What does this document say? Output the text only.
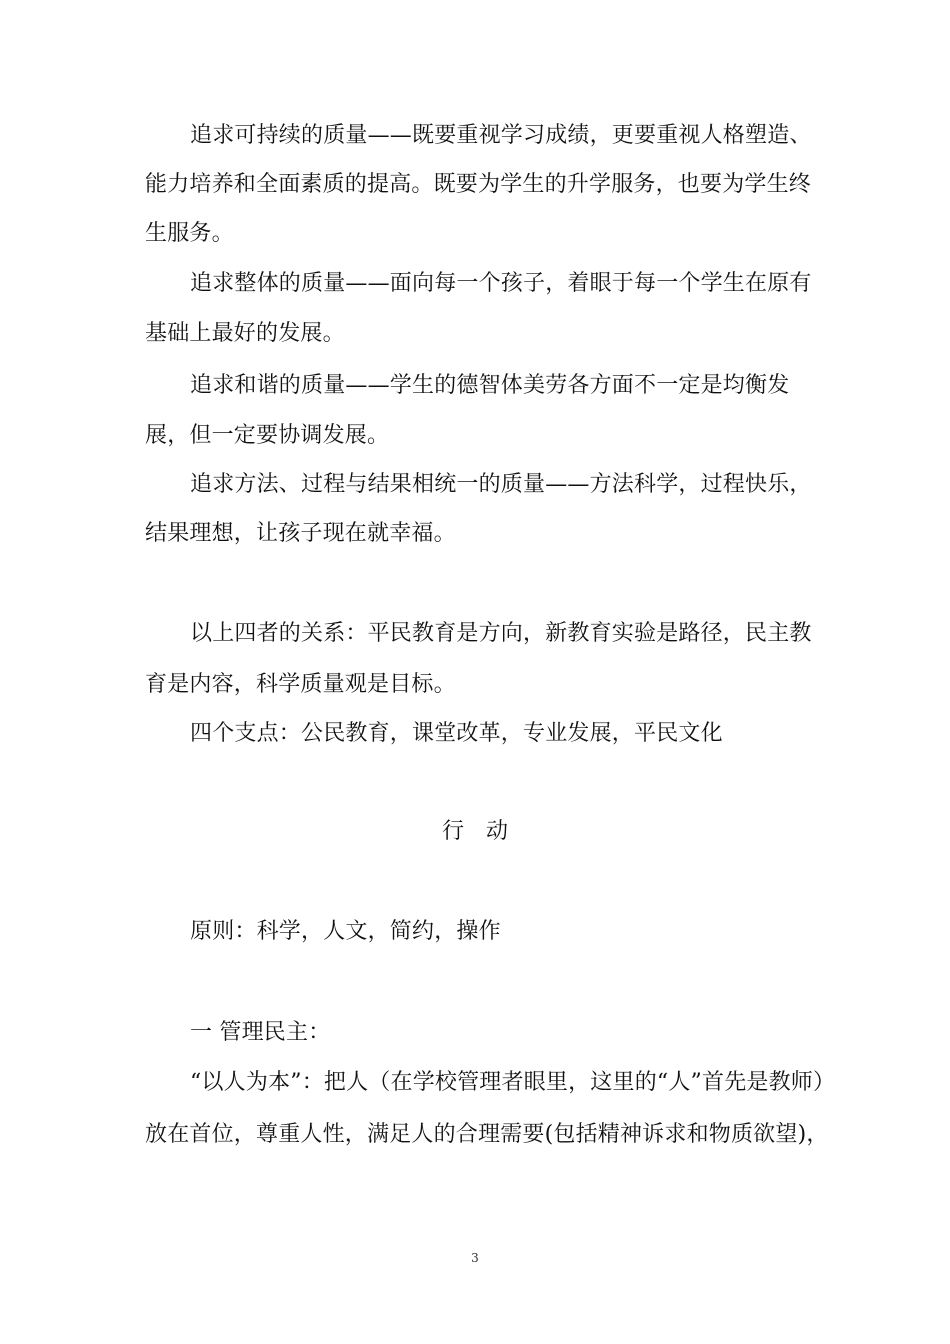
追求可持续的质量——既要重视学习成绩，更要重视人格塑造、
能力培养和全面素质的提高。既要为学生的升学服务，也要为学生终
生服务。
追求整体的质量——面向每一个孩子，着眼于每一个学生在原有
基础上最好的发展。
追求和谐的质量——学生的德智体美劳各方面不一定是均衡发
展，但一定要协调发展。
追求方法、过程与结果相统一的质量——方法科学，过程快乐，
结果理想，让孩子现在就幸福。
以上四者的关系：平民教育是方向，新教育实验是路径，民主教
育是内容，科学质量观是目标。
四个支点：公民教育，课堂改革，专业发展，平民文化
行　动
原则：科学，人文，简约，操作
一 管理民主：
“以人为本”：把人（在学校管理者眼里，这里的“人”首先是教师）
放在首位，尊重人性，满足人的合理需要(包括精神诉求和物质欲望)，
3
